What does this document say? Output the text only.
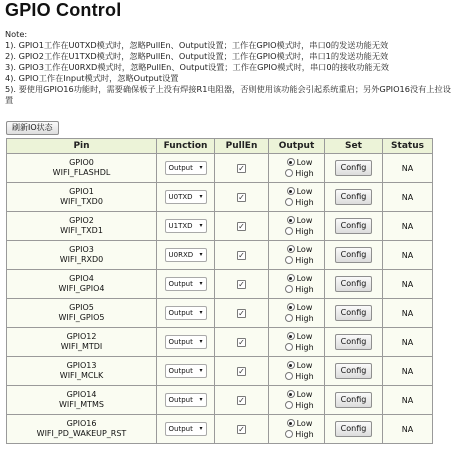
GPIO Control
Note:
1). GPIO1工作在U0TXD模式时，忽略PullEn、Output设置；工作在GPIO模式时，串口0的发送功能无效
2). GPIO2工作在U1TXD模式时，忽略PullEn、Output设置；工作在GPIO模式时，串口1的发送功能无效
3). GPIO3工作在U0RXD模式时，忽略PullEn、Output设置；工作在GPIO模式时，串口0的接收功能无效
4). GPIO工作在Input模式时，忽略Output设置
5). 要使用GPIO16功能时，需要确保板子上没有焊接R1电阻器，否则使用该功能会引起系统重启；另外GPIO16没有上拉设置
刷新IO状态
Pin	Function	PullEn	Output	Set	Status

GPIO0
WIFI_FLASHDL	Output ▾	✓	Low
High	Config	NA

GPIO1
WIFI_TXD0	U0TXD ▾	✓	Low
High	Config	NA

GPIO2
WIFI_TXD1	U1TXD ▾	✓	Low
High	Config	NA

GPIO3
WIFI_RXD0	U0RXD ▾	✓	Low
High	Config	NA

GPIO4
WIFI_GPIO4	Output ▾	✓	Low
High	Config	NA

GPIO5
WIFI_GPIO5	Output ▾	✓	Low
High	Config	NA

GPIO12
WIFI_MTDI	Output ▾	✓	Low
High	Config	NA

GPIO13
WIFI_MCLK	Output ▾	✓	Low
High	Config	NA

GPIO14
WIFI_MTMS	Output ▾	✓	Low
High	Config	NA

GPIO16
WIFI_PD_WAKEUP_RST	Output ▾	✓	Low
High	Config	NA
